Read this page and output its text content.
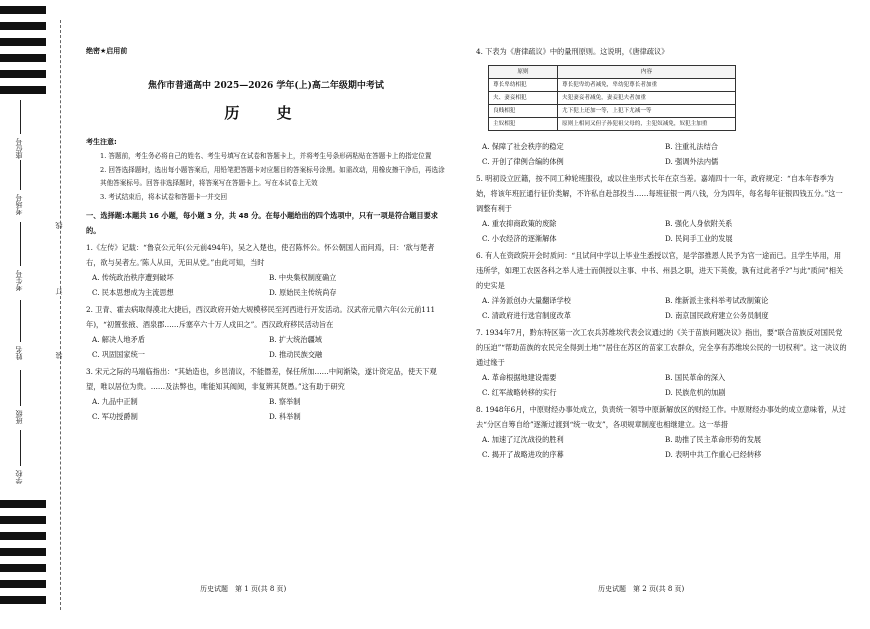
座位号
考场号
考生号
姓名
班级
学校
线
订
装
绝密★启用前
焦作市普通高中 2025—2026 学年(上)高二年级期中考试
历 史
考生注意:
1. 答题前，考生务必将自己的姓名、考生号填写在试卷和答题卡上，并将考生号条形码粘贴在答题卡上的指定位置
2. 回答选择题时，选出每小题答案后，用铅笔把答题卡对应题目的答案标号涂黑。如需改动，用橡皮擦干净后，再选涂其他答案标号。回答非选择题时，将答案写在答题卡上。写在本试卷上无效
3. 考试结束后，将本试卷和答题卡一并交回
一、选择题:本题共 16 小题，每小题 3 分，共 48 分。在每小题给出的四个选项中，只有一项是符合题目要求的。
1.《左传》记载：“鲁哀公元年(公元前494年)，吴之入楚也，使召陈怀公。怀公朝国人而问焉，曰：‘欲与楚者右，欲与吴者左。’陈人从田，无田从党。”由此可知，当时
A. 传统政治秩序遭到破坏	B. 中央集权制度确立
C. 民本思想成为主流思想	D. 原始民主传统尚存
2. 卫青、霍去病取得漠北大捷后，西汉政府开始大规模移民至河西进行开发活动。汉武帝元鼎六年(公元前111年)，“初置张掖、酒泉郡……斥塞卒六十万人戍田之”。西汉政府移民活动旨在
A. 解决人地矛盾	B. 扩大统治疆域
C. 巩固国家统一	D. 推动民族交融
3. 宋元之际的马端临指出：“其始造也，乡邑清议，不能僭差，保任所加……中间渐染，遂计资定品，使天下观望，唯以居位为贵。……及法弊也，唯能知其阀阅，非复辨其贤愚。”这有助于研究
A. 九品中正制	B. 察举制
C. 军功授爵制	D. 科举制
历史试题　第 1 页(共 8 页)
4. 下表为《唐律疏议》中的量刑原则。这说明，《唐律疏议》
原则	内容
尊长卑幼相犯	尊长犯卑幼者减免，卑幼犯尊长者加重
夫、妻妾相犯	夫犯妻妾者减免，妻妾犯夫者加重
良贱相犯	尤下犯上还加一等，上犯下尤减一等
主奴相犯	原则上相同又但子孙犯祖父母的，主犯奴减免，奴犯主加重
A. 保障了社会秩序的稳定	B. 注重礼法结合
C. 开创了律例合编的体例	D. 强调外法内儒
5. 明初设立匠籍，按不同工种轮班服役，或以住坐形式长年在京当差。嘉靖四十一年，政府规定：“自本年春季为始，将该年班匠通行征价类解，不许私自赴部投当……每班征银一两八钱，分为四年，每名每年征银四钱五分。”这一调整有利于
A. 重农抑商政策的废除	B. 强化人身依附关系
C. 小农经济的逐渐解体	D. 民间手工业的发展
6. 有人在资政院开会时质问：“且试问中学以上毕业生悉授以官，是学部推恩人民予为官一途而已。且学生毕用，用违所学，如理工农医各科之举人进士而俱授以主事、中书、州县之职，进天下英俊，孰有过此者乎?”与此“质问”相关的史实是
A. 洋务派创办大量翻译学校	B. 维新派主张科举考试改制策论
C. 清政府进行选官制度改革	D. 南京国民政府建立公务员制度
7. 1934年7月，黔东特区第一次工农兵苏维埃代表会议通过的《关于苗族问题决议》指出，要“联合苗族反对国民党的压迫”“帮助苗族的农民完全得到土地”“居住在苏区的苗家工农群众，完全享有苏维埃公民的一切权利”。这一决议的通过缘于
A. 革命根据地建设需要	B. 国民革命的深入
C. 红军战略转移的实行	D. 民族危机的加剧
8. 1948年6月，中原财经办事处成立，负责统一领导中原新解放区的财经工作。中原财经办事处的成立意味着，从过去“分区自筹自给”逐渐过渡到“统一收支”，各项规章制度也相继建立。这一举措
A. 加速了辽沈战役的胜利	B. 助推了民主革命形势的发展
C. 揭开了战略进攻的序幕	D. 表明中共工作重心已经转移
历史试题　第 2 页(共 8 页)
